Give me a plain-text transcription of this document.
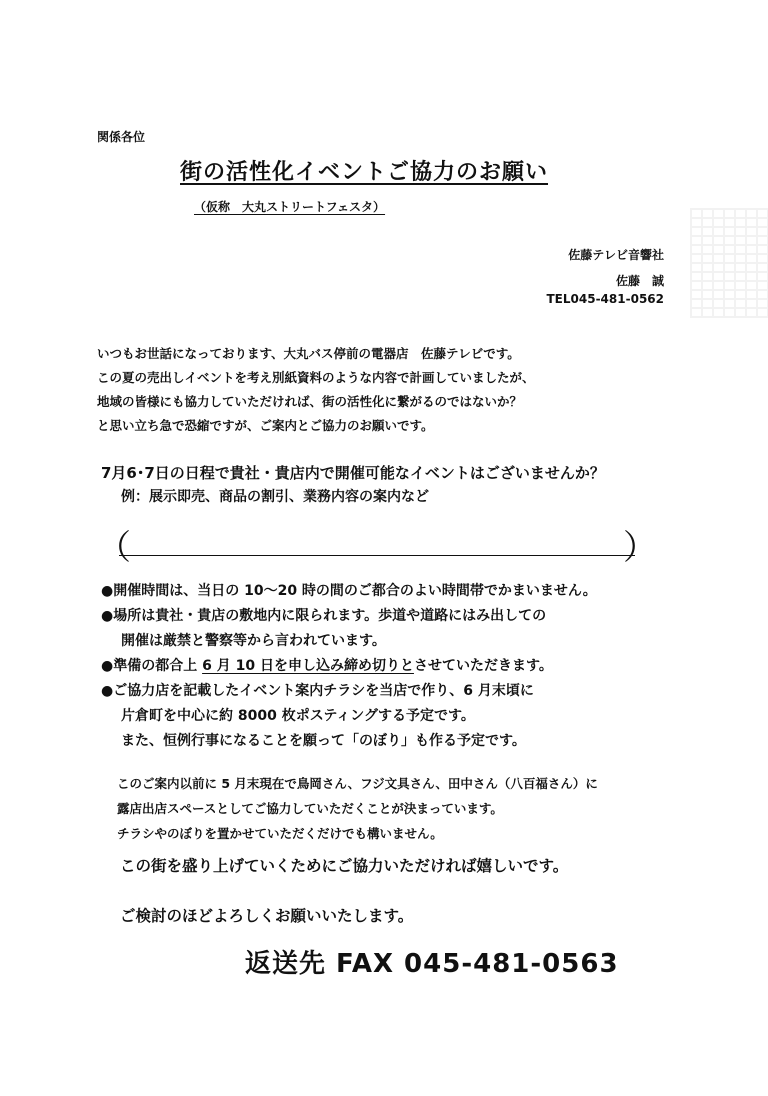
関係各位
街の活性化イベントご協力のお願い
（仮称　大丸ストリートフェスタ）
佐藤テレビ音響社
佐藤　誠
TEL045-481-0562
いつもお世話になっております、大丸バス停前の電器店　佐藤テレビです。
この夏の売出しイベントを考え別紙資料のような内容で計画していましたが、
地域の皆様にも協力していただければ、街の活性化に繋がるのではないか？
と思い立ち急で恐縮ですが、ご案内とご協力のお願いです。
7月6･7日の日程で貴社・貴店内で開催可能なイベントはございませんか？
例：展示即売、商品の割引、業務内容の案内など
（	）
●開催時間は、当日の 10～20 時の間のご都合のよい時間帯でかまいません。
●場所は貴社・貴店の敷地内に限られます。歩道や道路にはみ出しての
開催は厳禁と警察等から言われています。
●準備の都合上 6 月 10 日を申し込み締め切りとさせていただきます。
●ご協力店を記載したイベント案内チラシを当店で作り、6 月末頃に
片倉町を中心に約 8000 枚ポスティングする予定です。
また、恒例行事になることを願って「のぼり」も作る予定です。
このご案内以前に 5 月末現在で鳥岡さん、フジ文具さん、田中さん（八百福さん）に
露店出店スペースとしてご協力していただくことが決まっています。
チラシやのぼりを置かせていただくだけでも構いません。
この街を盛り上げていくためにご協力いただければ嬉しいです。
ご検討のほどよろしくお願いいたします。
返送先 FAX 045-481-0563
